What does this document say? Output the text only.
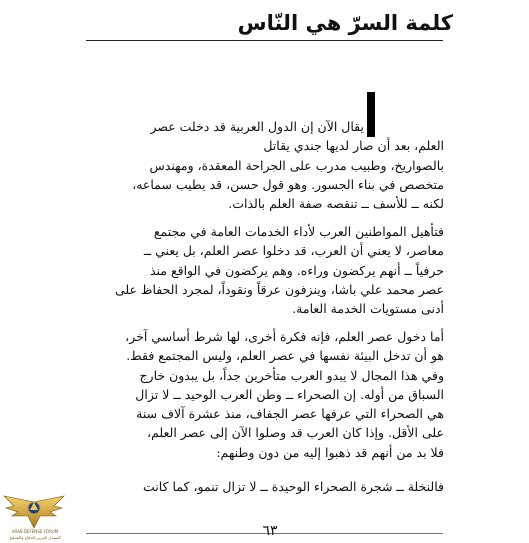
كلمة السرّ هي النّاس
يقال الآن إن الدول العربية قد دخلت عصر
العلم، بعد أن صار لديها جندي يقاتل
بالصواريخ، وطبيب مدرب على الجراحة المعقدة، ومهندس
متخصص في بناء الجسور. وهو قول حسن، قد يطيب سماعه،
لكنه ــ للأسف ــ تنقصه صفة العلم بالذات.
فتأهيل المواطنين العرب لأداء الخدمات العامة في مجتمع
معاصر، لا يعني أن العرب، قد دخلوا عصر العلم، بل يعني ــ
حرفياً ــ أنهم يركضون وراءه. وهم يركضون في الواقع منذ
عصر محمد علي باشا، وينزفون عرقاً ونقوداً، لمجرد الحفاظ على
أدنى مستويات الخدمة العامة.
أما دخول عصر العلم، فإنه فكرة أخرى، لها شرط أساسي آخر،
هو أن تدخل البيئة نفسها في عصر العلم، وليس المجتمع فقط.
وفي هذا المجال لا يبدو العرب متأخرين جداً، بل يبدون خارج
السباق من أوله. إن الصحراء ــ وطن العرب الوحيد ــ لا تزال
هي الصحراء التي عرفها عصر الجفاف، منذ عشرة آلاف سنة
على الأقل. وإذا كان العرب قد وصلوا الآن إلى عصر العلم،
فلا بد من أنهم قد ذهبوا إليه من دون وطنهم:
فالنخلة ــ شجرة الصحراء الوحيدة ــ لا تزال تنمو، كما كانت
٦٣
ARAB DEFENSE FORUM
المنتدى العربي للدفاع والتسليح
